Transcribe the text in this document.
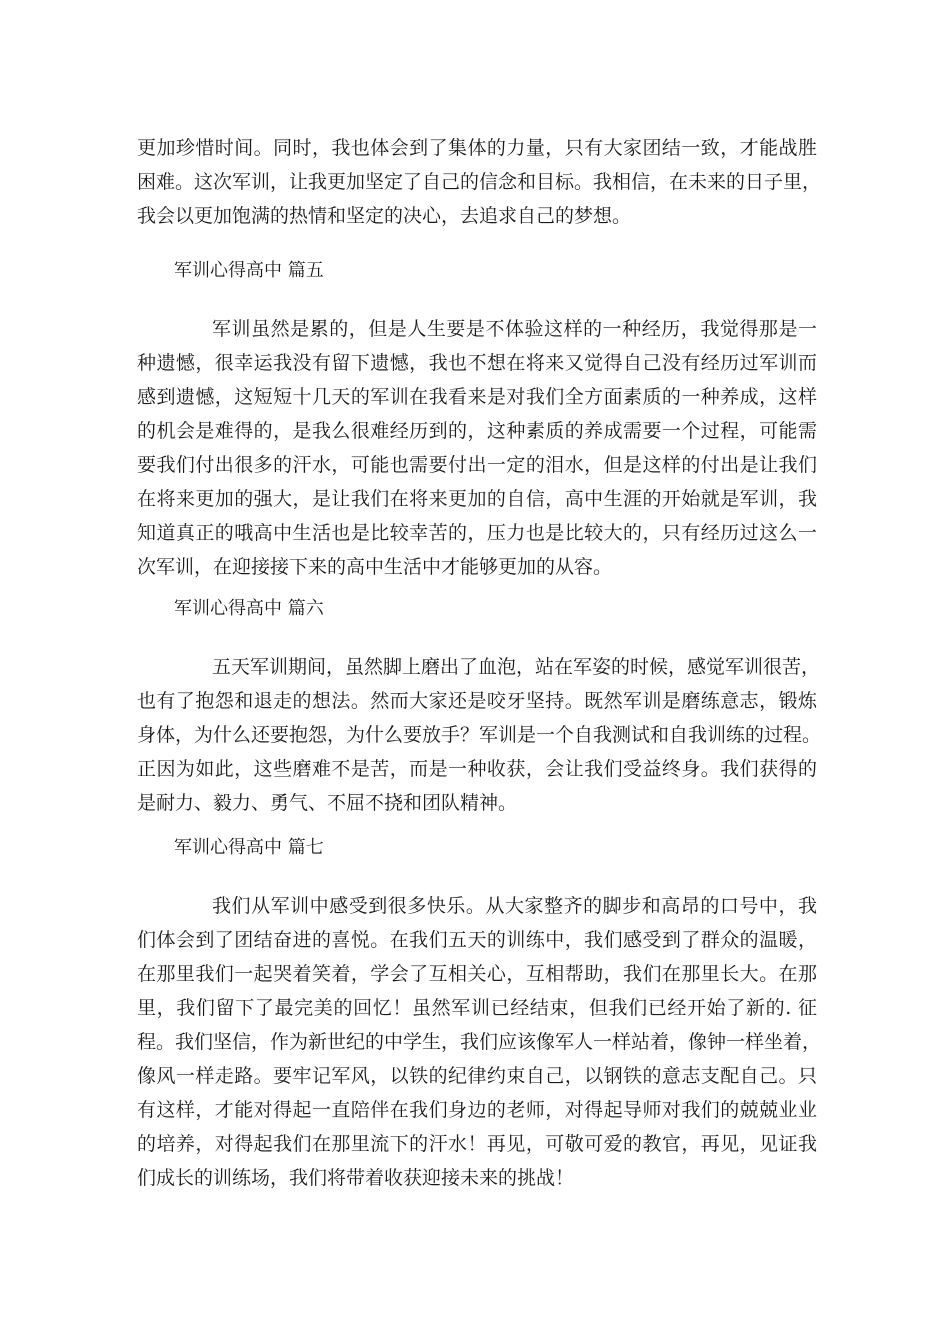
更加珍惜时间。同时，我也体会到了集体的力量，只有大家团结一致，才能战胜
困难。这次军训，让我更加坚定了自己的信念和目标。我相信，在未来的日子里，
我会以更加饱满的热情和坚定的决心，去追求自己的梦想。
军训心得高中 篇五
军训虽然是累的，但是人生要是不体验这样的一种经历，我觉得那是一
种遗憾，很幸运我没有留下遗憾，我也不想在将来又觉得自己没有经历过军训而
感到遗憾，这短短十几天的军训在我看来是对我们全方面素质的一种养成，这样
的机会是难得的，是我么很难经历到的，这种素质的养成需要一个过程，可能需
要我们付出很多的汗水，可能也需要付出一定的泪水，但是这样的付出是让我们
在将来更加的强大，是让我们在将来更加的自信，高中生涯的开始就是军训，我
知道真正的哦高中生活也是比较幸苦的，压力也是比较大的，只有经历过这么一
次军训，在迎接接下来的高中生活中才能够更加的从容。
军训心得高中 篇六
五天军训期间，虽然脚上磨出了血泡，站在军姿的时候，感觉军训很苦，
也有了抱怨和退走的想法。然而大家还是咬牙坚持。既然军训是磨练意志，锻炼
身体，为什么还要抱怨，为什么要放手？军训是一个自我测试和自我训练的过程。
正因为如此，这些磨难不是苦，而是一种收获，会让我们受益终身。我们获得的
是耐力、毅力、勇气、不屈不挠和团队精神。
军训心得高中 篇七
我们从军训中感受到很多快乐。从大家整齐的脚步和高昂的口号中，我
们体会到了团结奋进的喜悦。在我们五天的训练中，我们感受到了群众的温暖，
在那里我们一起哭着笑着，学会了互相关心，互相帮助，我们在那里长大。在那
里，我们留下了最完美的回忆！虽然军训已经结束，但我们已经开始了新的. 征
程。我们坚信，作为新世纪的中学生，我们应该像军人一样站着，像钟一样坐着，
像风一样走路。要牢记军风，以铁的纪律约束自己，以钢铁的意志支配自己。只
有这样，才能对得起一直陪伴在我们身边的老师，对得起导师对我们的兢兢业业
的培养，对得起我们在那里流下的汗水！再见，可敬可爱的教官，再见，见证我
们成长的训练场，我们将带着收获迎接未来的挑战！
